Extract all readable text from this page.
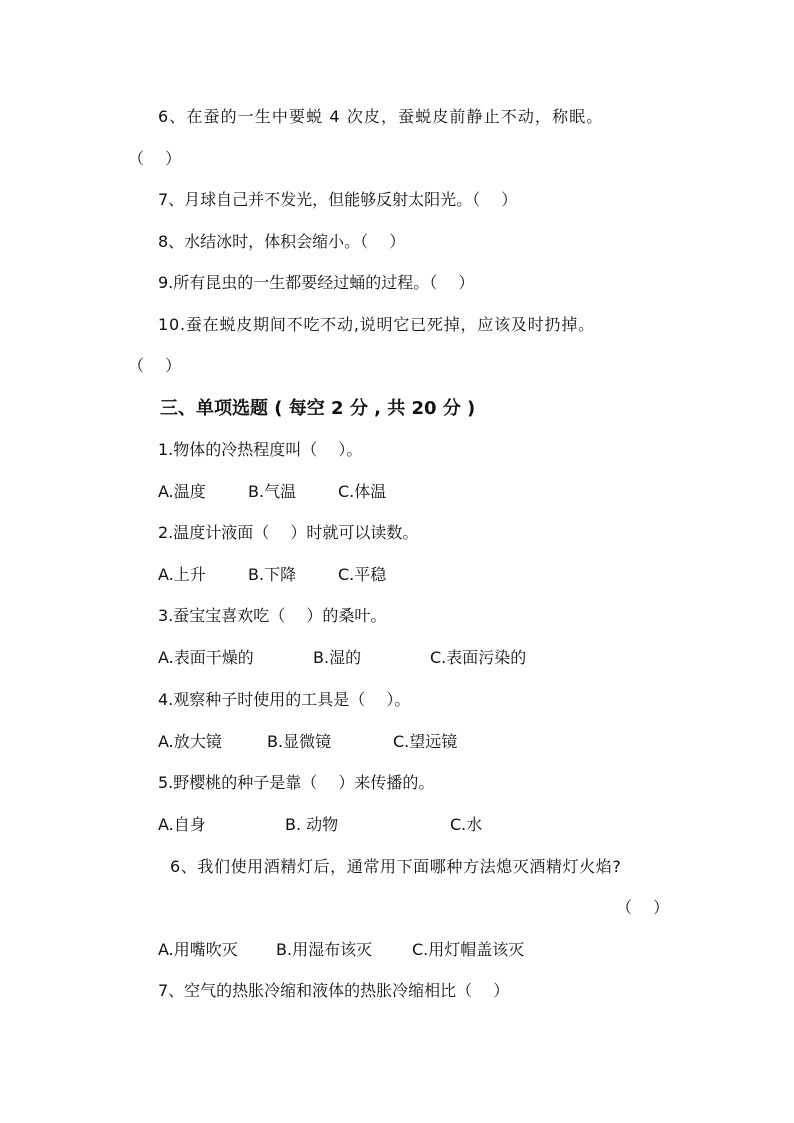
6、在蚕的一生中要蜕 4 次皮，蚕蜕皮前静止不动，称眠。
（　 ）
7、月球自己并不发光，但能够反射太阳光。（　 ）
8、水结冰时，体积会缩小。（　 ）
9.所有昆虫的一生都要经过蛹的过程。（　 ）
10.蚕在蜕皮期间不吃不动,说明它已死掉，应该及时扔掉。
（　 ）
三、单项选题 ( 每空 2 分 , 共 20 分 )
1.物体的冷热程度叫（　 ）。
A.温度	B.气温	C.体温
2.温度计液面（　 ）时就可以读数。
A.上升	B.下降	C.平稳
3.蚕宝宝喜欢吃（　 ）的桑叶。
A.表面干燥的	B.湿的	C.表面污染的
4.观察种子时使用的工具是（　 ）。
A.放大镜	B.显微镜	C.望远镜
5.野樱桃的种子是靠（　 ）来传播的。
A.自身	B. 动物	C.水
6、我们使用酒精灯后，通常用下面哪种方法熄灭酒精灯火焰?
（　 ）
A.用嘴吹灭 B.用湿布该灭 C.用灯帽盖该灭
7、空气的热胀冷缩和液体的热胀冷缩相比（　 ）
